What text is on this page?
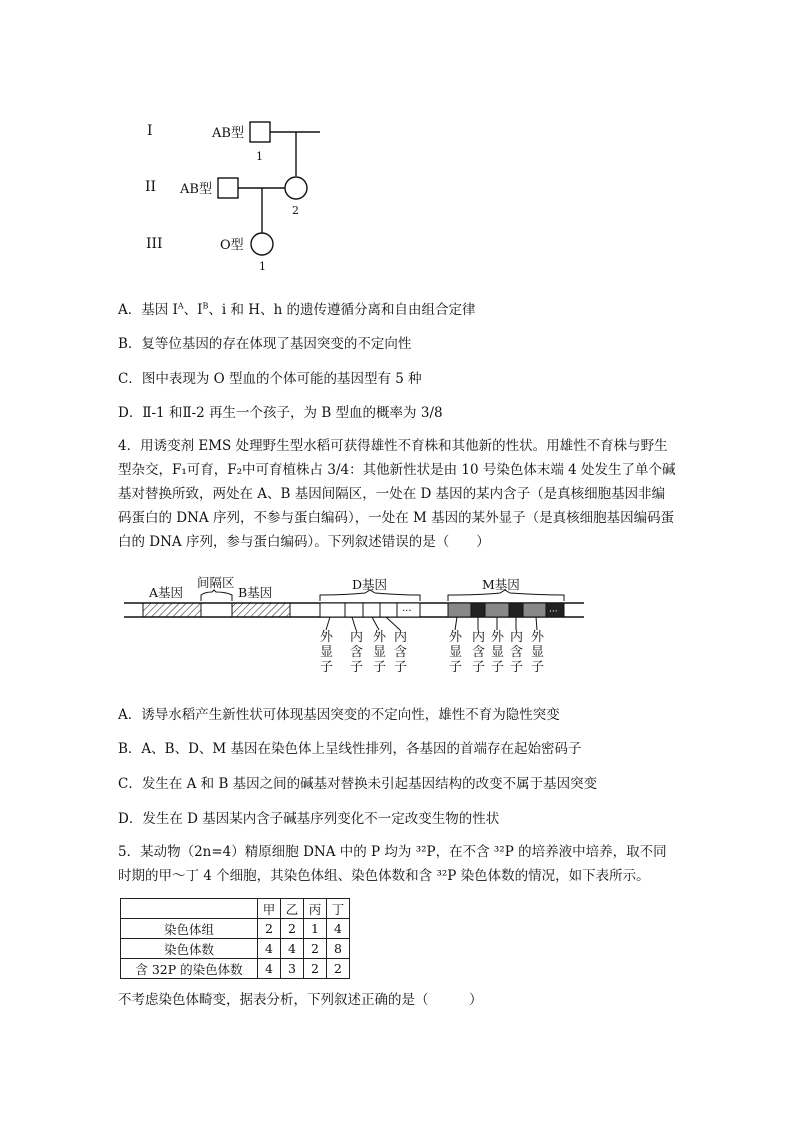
I
II
III
AB型
1
AB型
2
O型
1
A．基因 $I^A$、$I^B$、i 和 H、h 的遗传遵循分离和自由组合定律
B．复等位基因的存在体现了基因突变的不定向性
C．图中表现为 O 型血的个体可能的基因型有 5 种
D．Ⅱ-1 和Ⅱ-2 再生一个孩子，为 B 型血的概率为 3/8
4．用诱变剂 EMS 处理野生型水稻可获得雄性不育株和其他新的性状。用雄性不育株与野生型杂交，F₁可育，F₂中可育植株占 3/4：其他新性状是由 10 号染色体末端 4 处发生了单个碱基对替换所致，两处在 A、B 基因间隔区，一处在 D 基因的某内含子（是真核细胞基因非编码蛋白的 DNA 序列，不参与蛋白编码），一处在 M 基因的某外显子（是真核细胞基因编码蛋白的 DNA 序列，参与蛋白编码）。下列叙述错误的是（　　）
···	···
A基因
间隔区
B基因
D基因	M基因
外显子
内含子
外显子
内含子
外显子
内含子
外显子
内含子
外显子
A．诱导水稻产生新性状可体现基因突变的不定向性，雄性不育为隐性突变
B．A、B、D、M 基因在染色体上呈线性排列，各基因的首端存在起始密码子
C．发生在 A 和 B 基因之间的碱基对替换未引起基因结构的改变不属于基因突变
D．发生在 D 基因某内含子碱基序列变化不一定改变生物的性状
5．某动物（2n=4）精原细胞 DNA 中的 P 均为 ³²P，在不含 ³²P 的培养液中培养，取不同时期的甲～丁 4 个细胞，其染色体组、染色体数和含 ³²P 染色体数的情况，如下表所示。
	甲	乙	丙	丁
染色体组	2	2	1	4
染色体数	4	4	2	8
含 32P 的染色体数	4	3	2	2
不考虑染色体畸变，据表分析，下列叙述正确的是（　　　）
